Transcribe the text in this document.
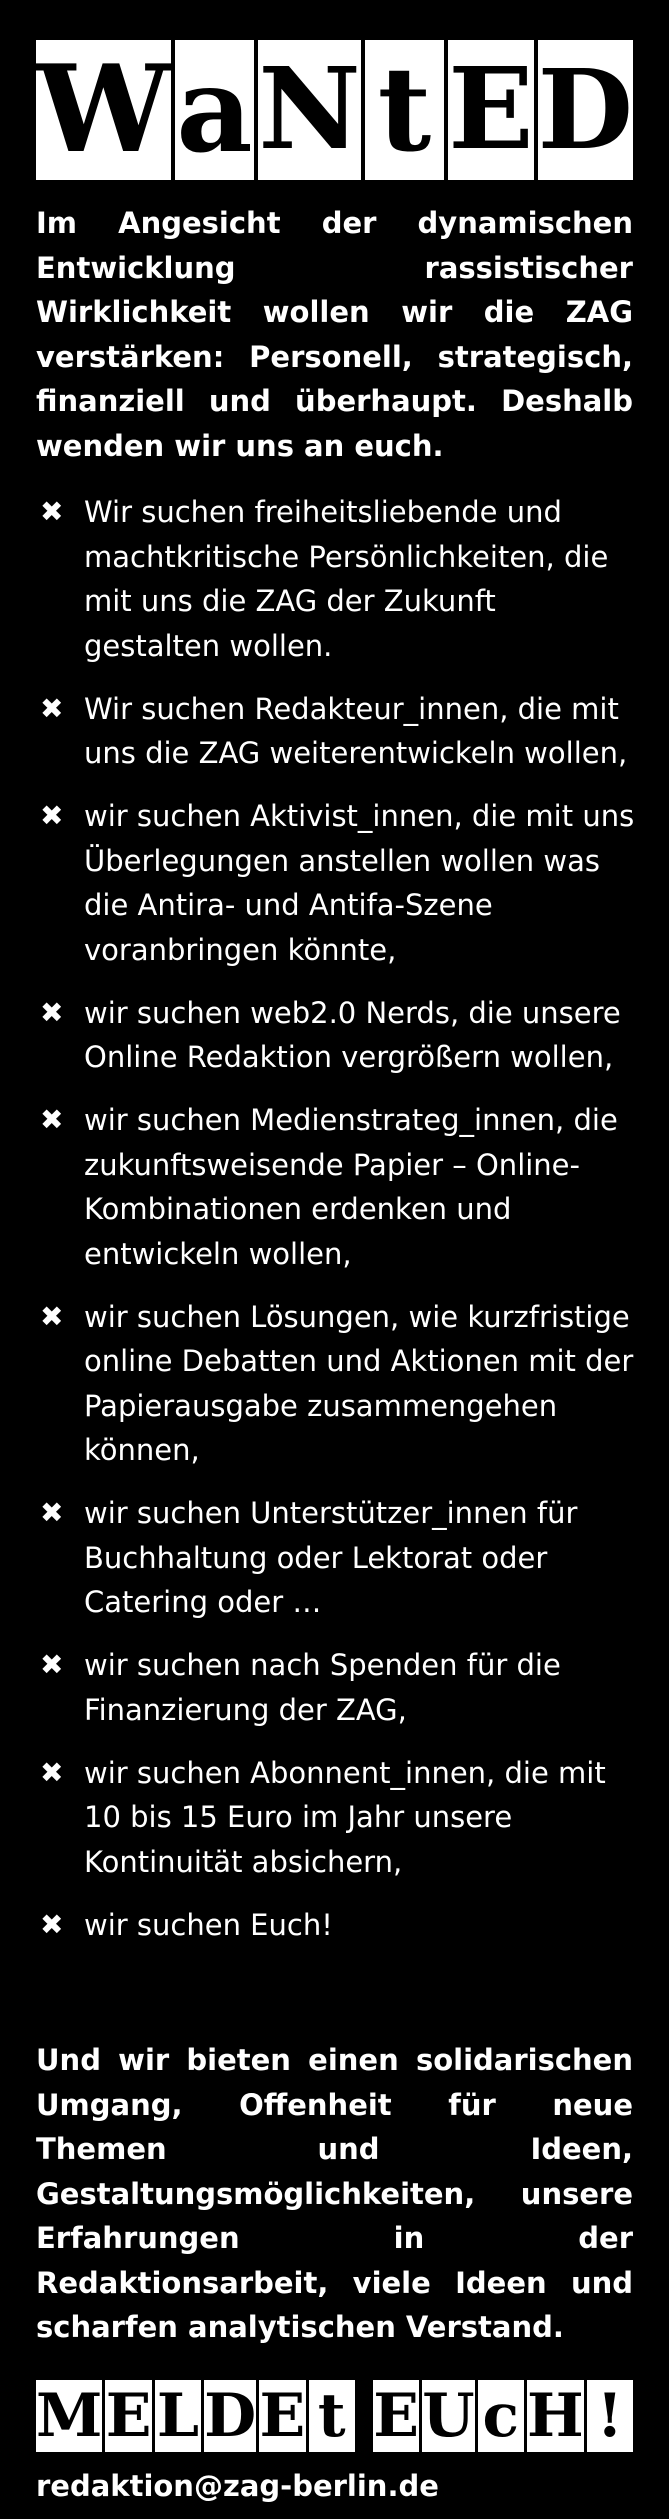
W a N t E D
Im Angesicht der dynamischen Entwicklung rassistischer Wirklichkeit wollen wir die ZAG verstärken: Personell, strategisch, finanziell und überhaupt. Deshalb wenden wir uns an euch.
✖ Wir suchen freiheitsliebende und machtkritische Persönlichkeiten, die mit uns die ZAG der Zukunft gestalten wollen.
✖ Wir suchen Redakteur_innen, die mit uns die ZAG weiterentwickeln wollen,
✖ wir suchen Aktivist_innen, die mit uns Überlegungen anstellen wollen was die Antira- und Antifa-Szene voranbringen könnte,
✖ wir suchen web2.0 Nerds, die unsere Online Redaktion vergrößern wollen,
✖ wir suchen Medienstrateg_innen, die zukunftsweisende Papier – Online-Kombinationen erdenken und entwickeln wollen,
✖ wir suchen Lösungen, wie kurzfristige online Debatten und Aktionen mit der Papierausgabe zusammengehen können,
✖ wir suchen Unterstützer_innen für Buchhaltung oder Lektorat oder Catering oder …
✖ wir suchen nach Spenden für die Finanzierung der ZAG,
✖ wir suchen Abonnent_innen, die mit 10 bis 15 Euro im Jahr unsere Kontinuität absichern,
✖ wir suchen Euch!
Und wir bieten einen solidarischen Umgang, Offenheit für neue Themen und Ideen, Gestaltungsmöglichkeiten, unsere Erfahrungen in der Redaktionsarbeit, viele Ideen und scharfen analytischen Verstand.
M E L D E t E U c H !
redaktion@zag-berlin.de
